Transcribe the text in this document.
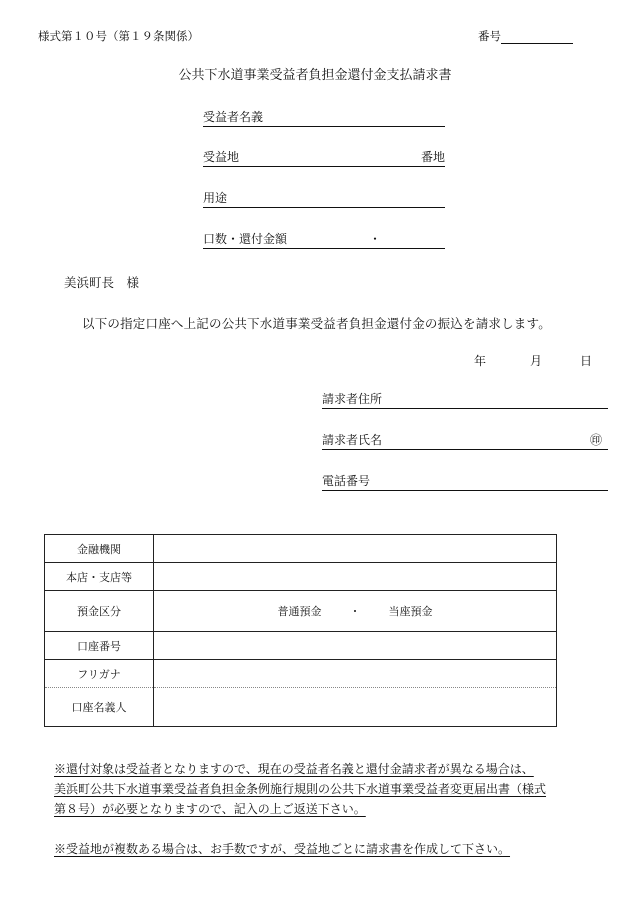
様式第１０号（第１９条関係）	番号
公共下水道事業受益者負担金還付金支払請求書
受益者名義
受益地	番地
用途
口数・還付金額	・
美浜町長　様
以下の指定口座へ上記の公共下水道事業受益者負担金還付金の振込を請求します。
年	月	日
請求者住所
請求者氏名	㊞
電話番号
金融機関	
本店・支店等	
預金区分	普通預金 ・ 当座預金
口座番号	
フリガナ	
口座名義人	
※還付対象は受益者となりますので、現在の受益者名義と還付金請求者が異なる場合は、
美浜町公共下水道事業受益者負担金条例施行規則の公共下水道事業受益者変更届出書（様式
第８号）が必要となりますので、記入の上ご返送下さい。
※受益地が複数ある場合は、お手数ですが、受益地ごとに請求書を作成して下さい。
